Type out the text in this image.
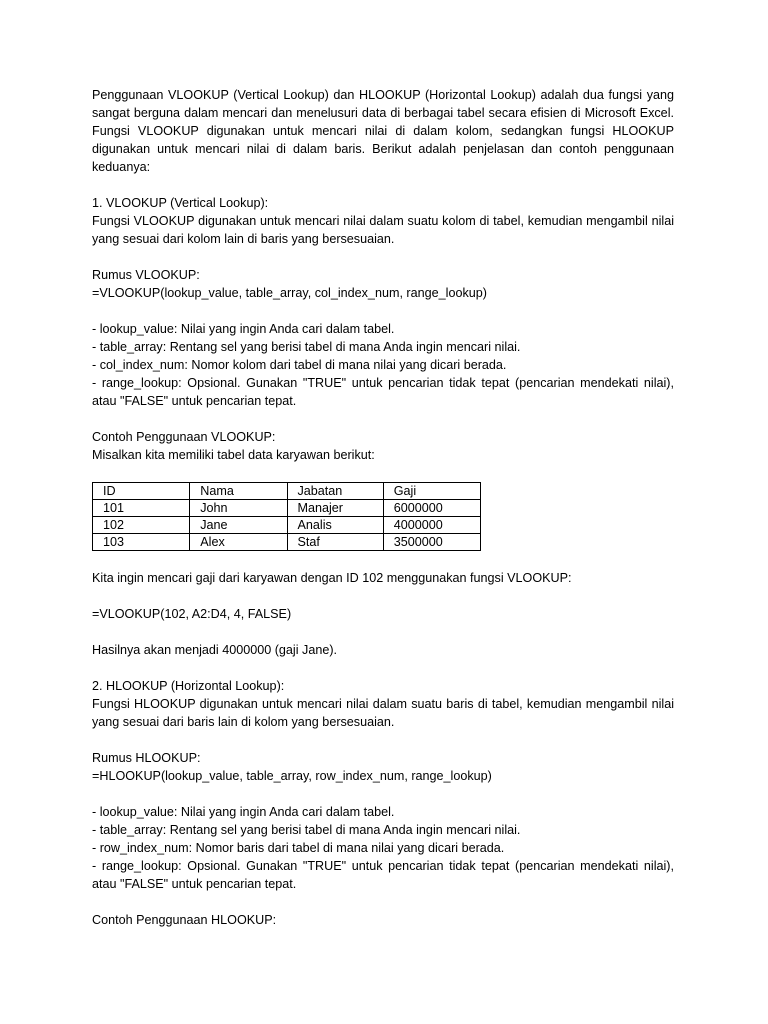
Penggunaan VLOOKUP (Vertical Lookup) dan HLOOKUP (Horizontal Lookup) adalah dua fungsi yang sangat berguna dalam mencari dan menelusuri data di berbagai tabel secara efisien di Microsoft Excel. Fungsi VLOOKUP digunakan untuk mencari nilai di dalam kolom, sedangkan fungsi HLOOKUP digunakan untuk mencari nilai di dalam baris. Berikut adalah penjelasan dan contoh penggunaan keduanya:

1. VLOOKUP (Vertical Lookup):

Fungsi VLOOKUP digunakan untuk mencari nilai dalam suatu kolom di tabel, kemudian mengambil nilai yang sesuai dari kolom lain di baris yang bersesuaian.

Rumus VLOOKUP:

=VLOOKUP(lookup_value, table_array, col_index_num, range_lookup)

- lookup_value: Nilai yang ingin Anda cari dalam tabel.

- table_array: Rentang sel yang berisi tabel di mana Anda ingin mencari nilai.

- col_index_num: Nomor kolom dari tabel di mana nilai yang dicari berada.

- range_lookup: Opsional. Gunakan "TRUE" untuk pencarian tidak tepat (pencarian mendekati nilai), atau "FALSE" untuk pencarian tepat.

Contoh Penggunaan VLOOKUP:

Misalkan kita memiliki tabel data karyawan berikut:

ID	Nama	Jabatan	Gaji
101	John	Manajer	6000000
102	Jane	Analis	4000000
103	Alex	Staf	3500000

Kita ingin mencari gaji dari karyawan dengan ID 102 menggunakan fungsi VLOOKUP:

=VLOOKUP(102, A2:D4, 4, FALSE)

Hasilnya akan menjadi 4000000 (gaji Jane).

2. HLOOKUP (Horizontal Lookup):

Fungsi HLOOKUP digunakan untuk mencari nilai dalam suatu baris di tabel, kemudian mengambil nilai yang sesuai dari baris lain di kolom yang bersesuaian.

Rumus HLOOKUP:

=HLOOKUP(lookup_value, table_array, row_index_num, range_lookup)

- lookup_value: Nilai yang ingin Anda cari dalam tabel.

- table_array: Rentang sel yang berisi tabel di mana Anda ingin mencari nilai.

- row_index_num: Nomor baris dari tabel di mana nilai yang dicari berada.

- range_lookup: Opsional. Gunakan "TRUE" untuk pencarian tidak tepat (pencarian mendekati nilai), atau "FALSE" untuk pencarian tepat.

Contoh Penggunaan HLOOKUP:
